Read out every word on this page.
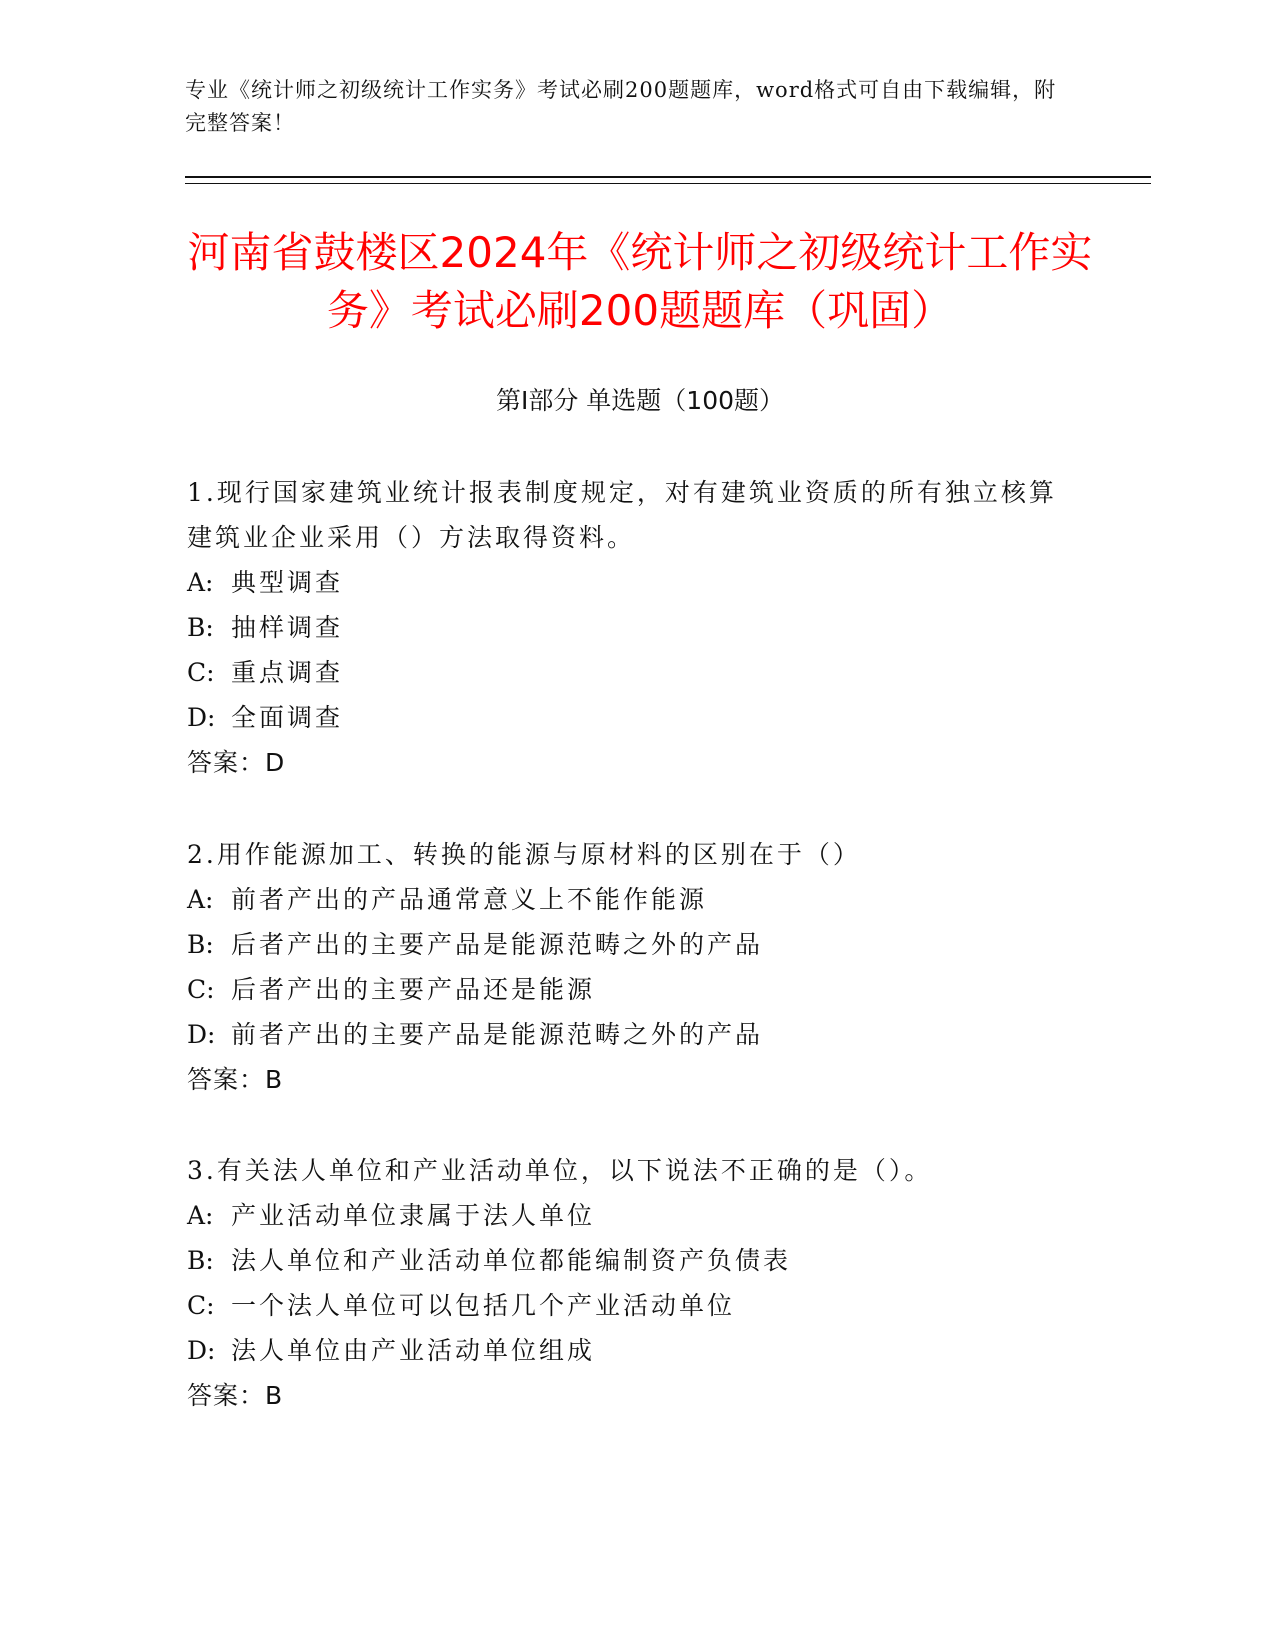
专业《统计师之初级统计工作实务》考试必刷200题题库，word格式可自由下载编辑，附完整答案！
河南省鼓楼区2024年《统计师之初级统计工作实务》考试必刷200题题库（巩固）
第Ⅰ部分 单选题（100题）
1.现行国家建筑业统计报表制度规定，对有建筑业资质的所有独立核算建筑业企业采用（）方法取得资料。
A: 典型调查
B: 抽样调查
C: 重点调查
D: 全面调查
答案：D
2.用作能源加工、转换的能源与原材料的区别在于（）
A: 前者产出的产品通常意义上不能作能源
B: 后者产出的主要产品是能源范畴之外的产品
C: 后者产出的主要产品还是能源
D: 前者产出的主要产品是能源范畴之外的产品
答案：B
3.有关法人单位和产业活动单位，以下说法不正确的是（）。
A: 产业活动单位隶属于法人单位
B: 法人单位和产业活动单位都能编制资产负债表
C: 一个法人单位可以包括几个产业活动单位
D: 法人单位由产业活动单位组成
答案：B
